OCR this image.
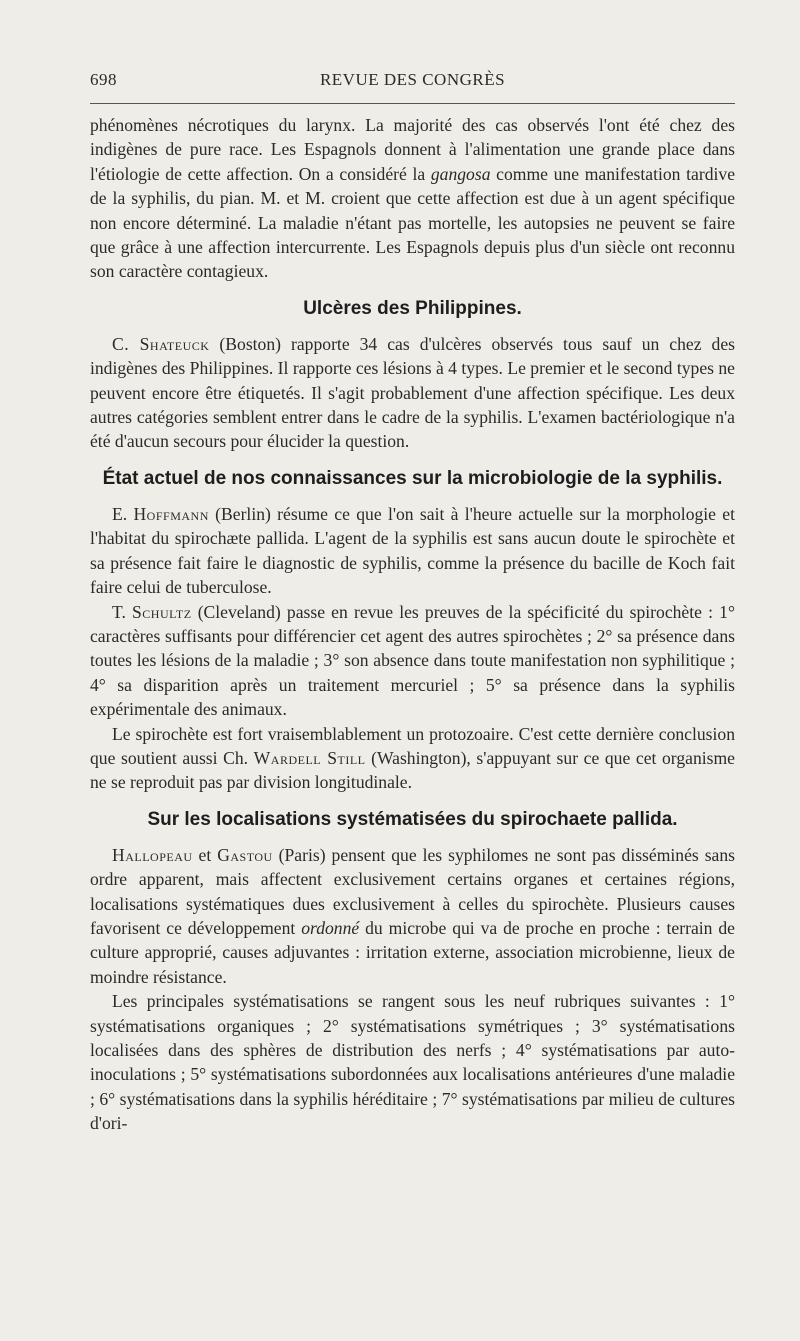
698	REVUE DES CONGRÈS

phénomènes nécrotiques du larynx. La majorité des cas observés l'ont été chez des indigènes de pure race. Les Espagnols donnent à l'alimentation une grande place dans l'étiologie de cette affection. On a considéré la gangosa comme une manifestation tardive de la syphilis, du pian. M. et M. croient que cette affection est due à un agent spécifique non encore déterminé. La maladie n'étant pas mortelle, les autopsies ne peuvent se faire que grâce à une affection intercurrente. Les Espagnols depuis plus d'un siècle ont reconnu son caractère contagieux.

Ulcères des Philippines.

C. Shateuck (Boston) rapporte 34 cas d'ulcères observés tous sauf un chez des indigènes des Philippines. Il rapporte ces lésions à 4 types. Le premier et le second types ne peuvent encore être étiquetés. Il s'agit probablement d'une affection spécifique. Les deux autres catégories semblent entrer dans le cadre de la syphilis. L'examen bactériologique n'a été d'aucun secours pour élucider la question.

État actuel de nos connaissances sur la microbiologie de la syphilis.

E. Hoffmann (Berlin) résume ce que l'on sait à l'heure actuelle sur la morphologie et l'habitat du spirochæte pallida. L'agent de la syphilis est sans aucun doute le spirochète et sa présence fait faire le diagnostic de syphilis, comme la présence du bacille de Koch fait faire celui de tuberculose.

T. Schultz (Cleveland) passe en revue les preuves de la spécificité du spirochète : 1° caractères suffisants pour différencier cet agent des autres spirochètes ; 2° sa présence dans toutes les lésions de la maladie ; 3° son absence dans toute manifestation non syphilitique ; 4° sa disparition après un traitement mercuriel ; 5° sa présence dans la syphilis expérimentale des animaux.

Le spirochète est fort vraisemblablement un protozoaire. C'est cette dernière conclusion que soutient aussi Ch. Wardell Still (Washington), s'appuyant sur ce que cet organisme ne se reproduit pas par division longitudinale.

Sur les localisations systématisées du spirochaete pallida.

Hallopeau et Gastou (Paris) pensent que les syphilomes ne sont pas disséminés sans ordre apparent, mais affectent exclusivement certains organes et certaines régions, localisations systématiques dues exclusivement à celles du spirochète. Plusieurs causes favorisent ce développement ordonné du microbe qui va de proche en proche : terrain de culture approprié, causes adjuvantes : irritation externe, association microbienne, lieux de moindre résistance.

Les principales systématisations se rangent sous les neuf rubriques suivantes : 1° systématisations organiques ; 2° systématisations symétriques ; 3° systématisations localisées dans des sphères de distribution des nerfs ; 4° systématisations par auto-inoculations ; 5° systématisations subordonnées aux localisations antérieures d'une maladie ; 6° systématisations dans la syphilis héréditaire ; 7° systématisations par milieu de cultures d'ori-
